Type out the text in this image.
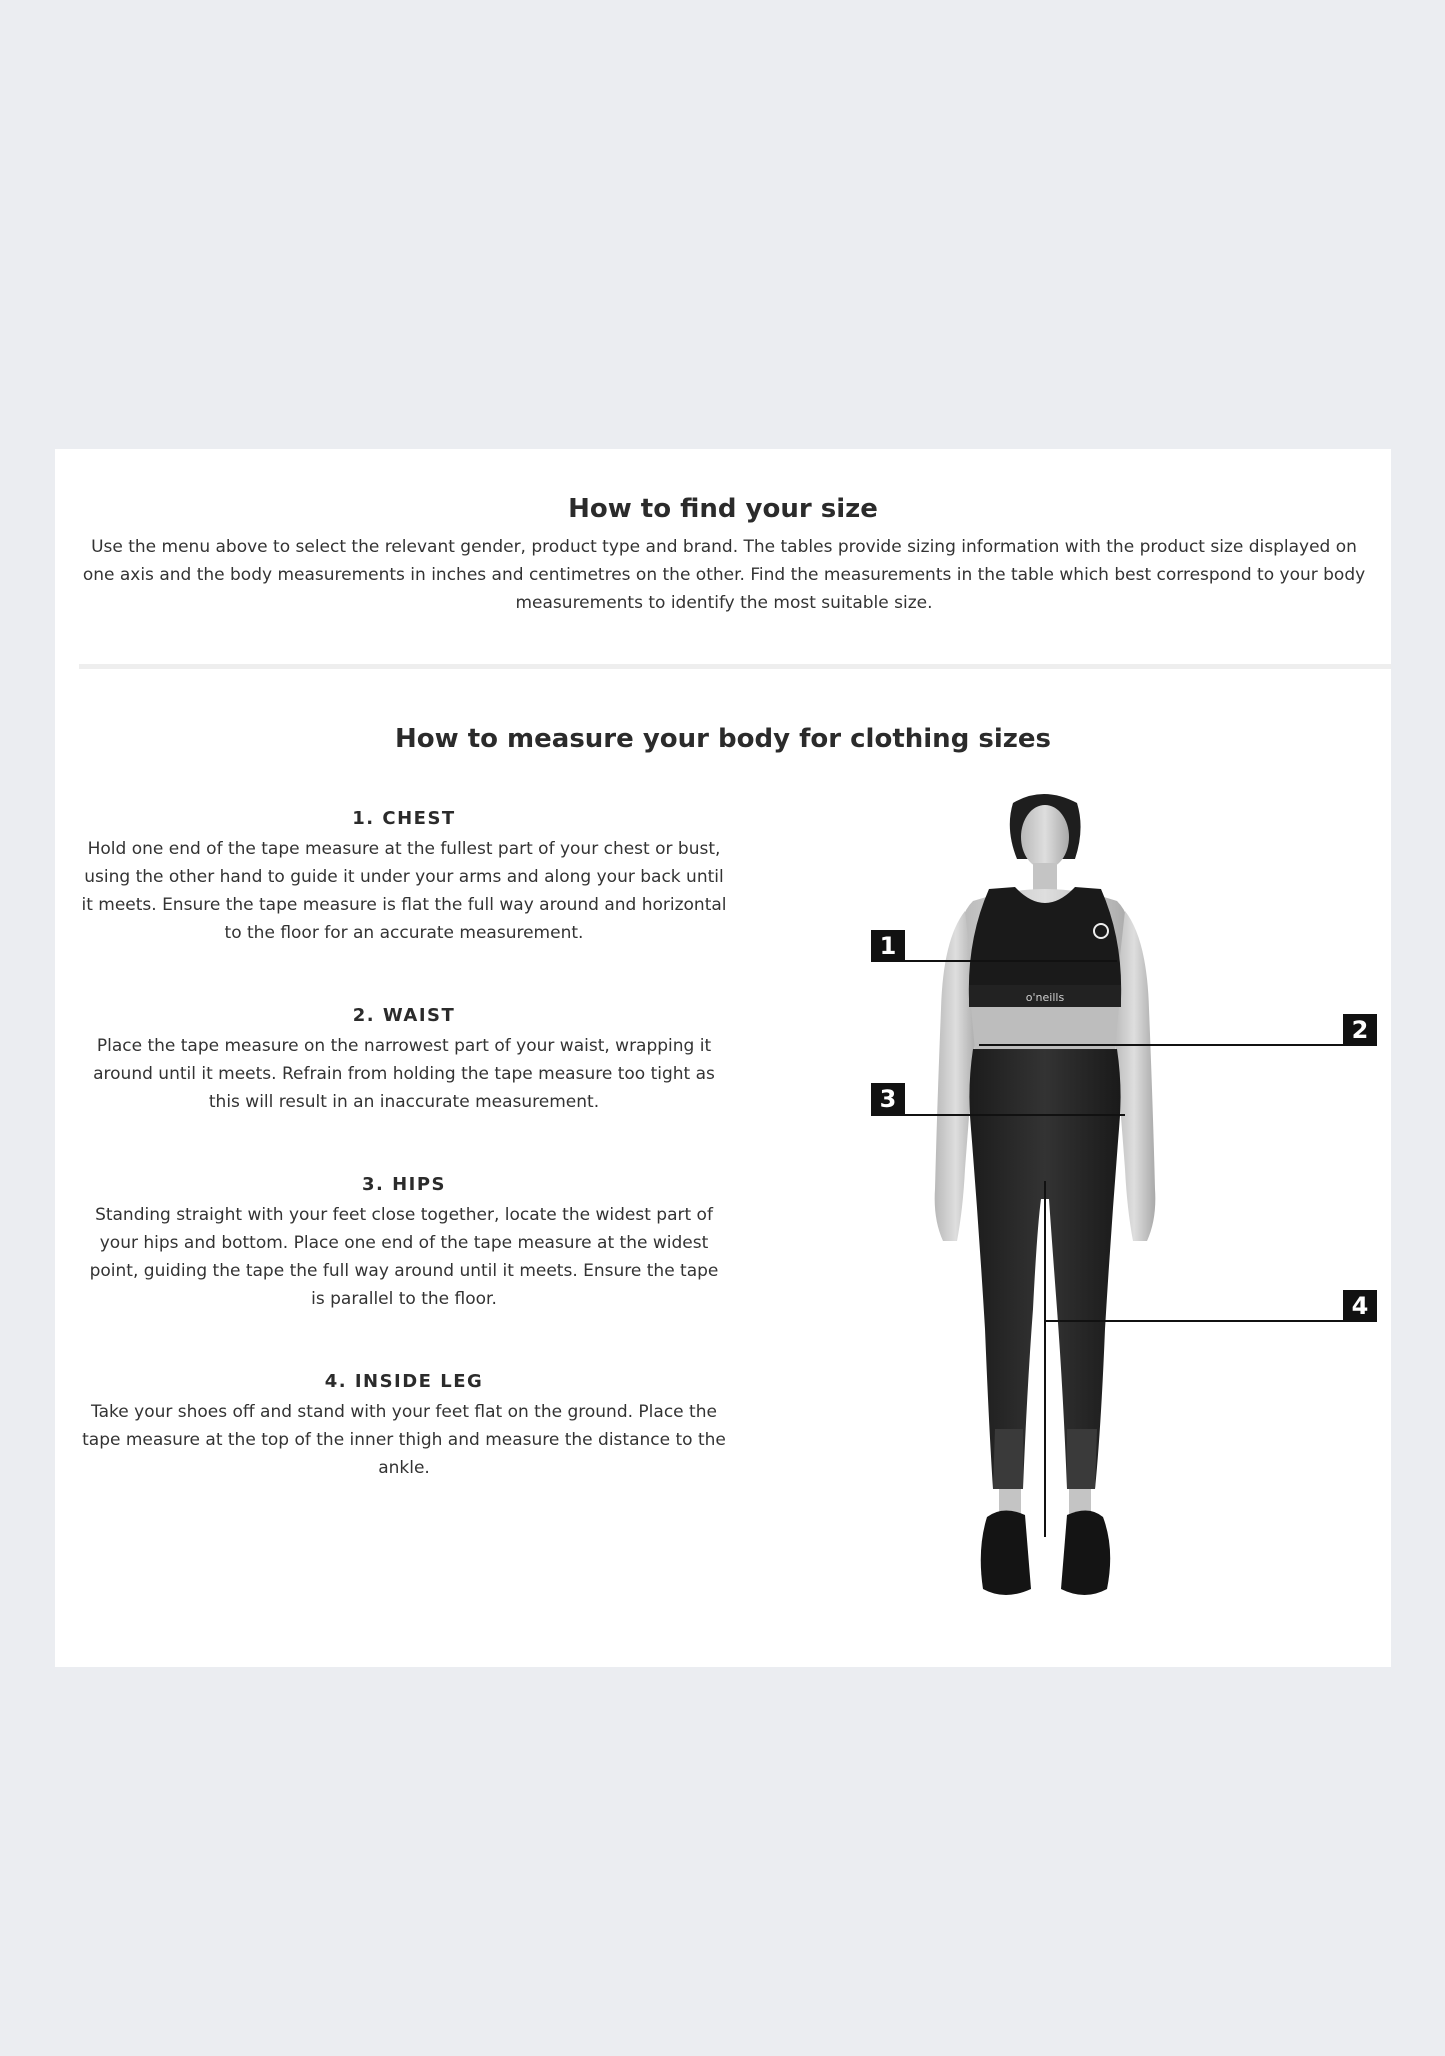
How to find your size
Use the menu above to select the relevant gender, product type and brand. The tables provide sizing information with the product size displayed on one axis and the body measurements in inches and centimetres on the other. Find the measurements in the table which best correspond to your body measurements to identify the most suitable size.
How to measure your body for clothing sizes
1. CHEST
Hold one end of the tape measure at the fullest part of your chest or bust, using the other hand to guide it under your arms and along your back until it meets. Ensure the tape measure is flat the full way around and horizontal to the floor for an accurate measurement.
2. WAIST
Place the tape measure on the narrowest part of your waist, wrapping it around until it meets. Refrain from holding the tape measure too tight as this will result in an inaccurate measurement.
3. HIPS
Standing straight with your feet close together, locate the widest part of your hips and bottom. Place one end of the tape measure at the widest point, guiding the tape the full way around until it meets. Ensure the tape is parallel to the floor.
4. INSIDE LEG
Take your shoes off and stand with your feet flat on the ground. Place the tape measure at the top of the inner thigh and measure the distance to the ankle.
o'neills
1
2
3
4
